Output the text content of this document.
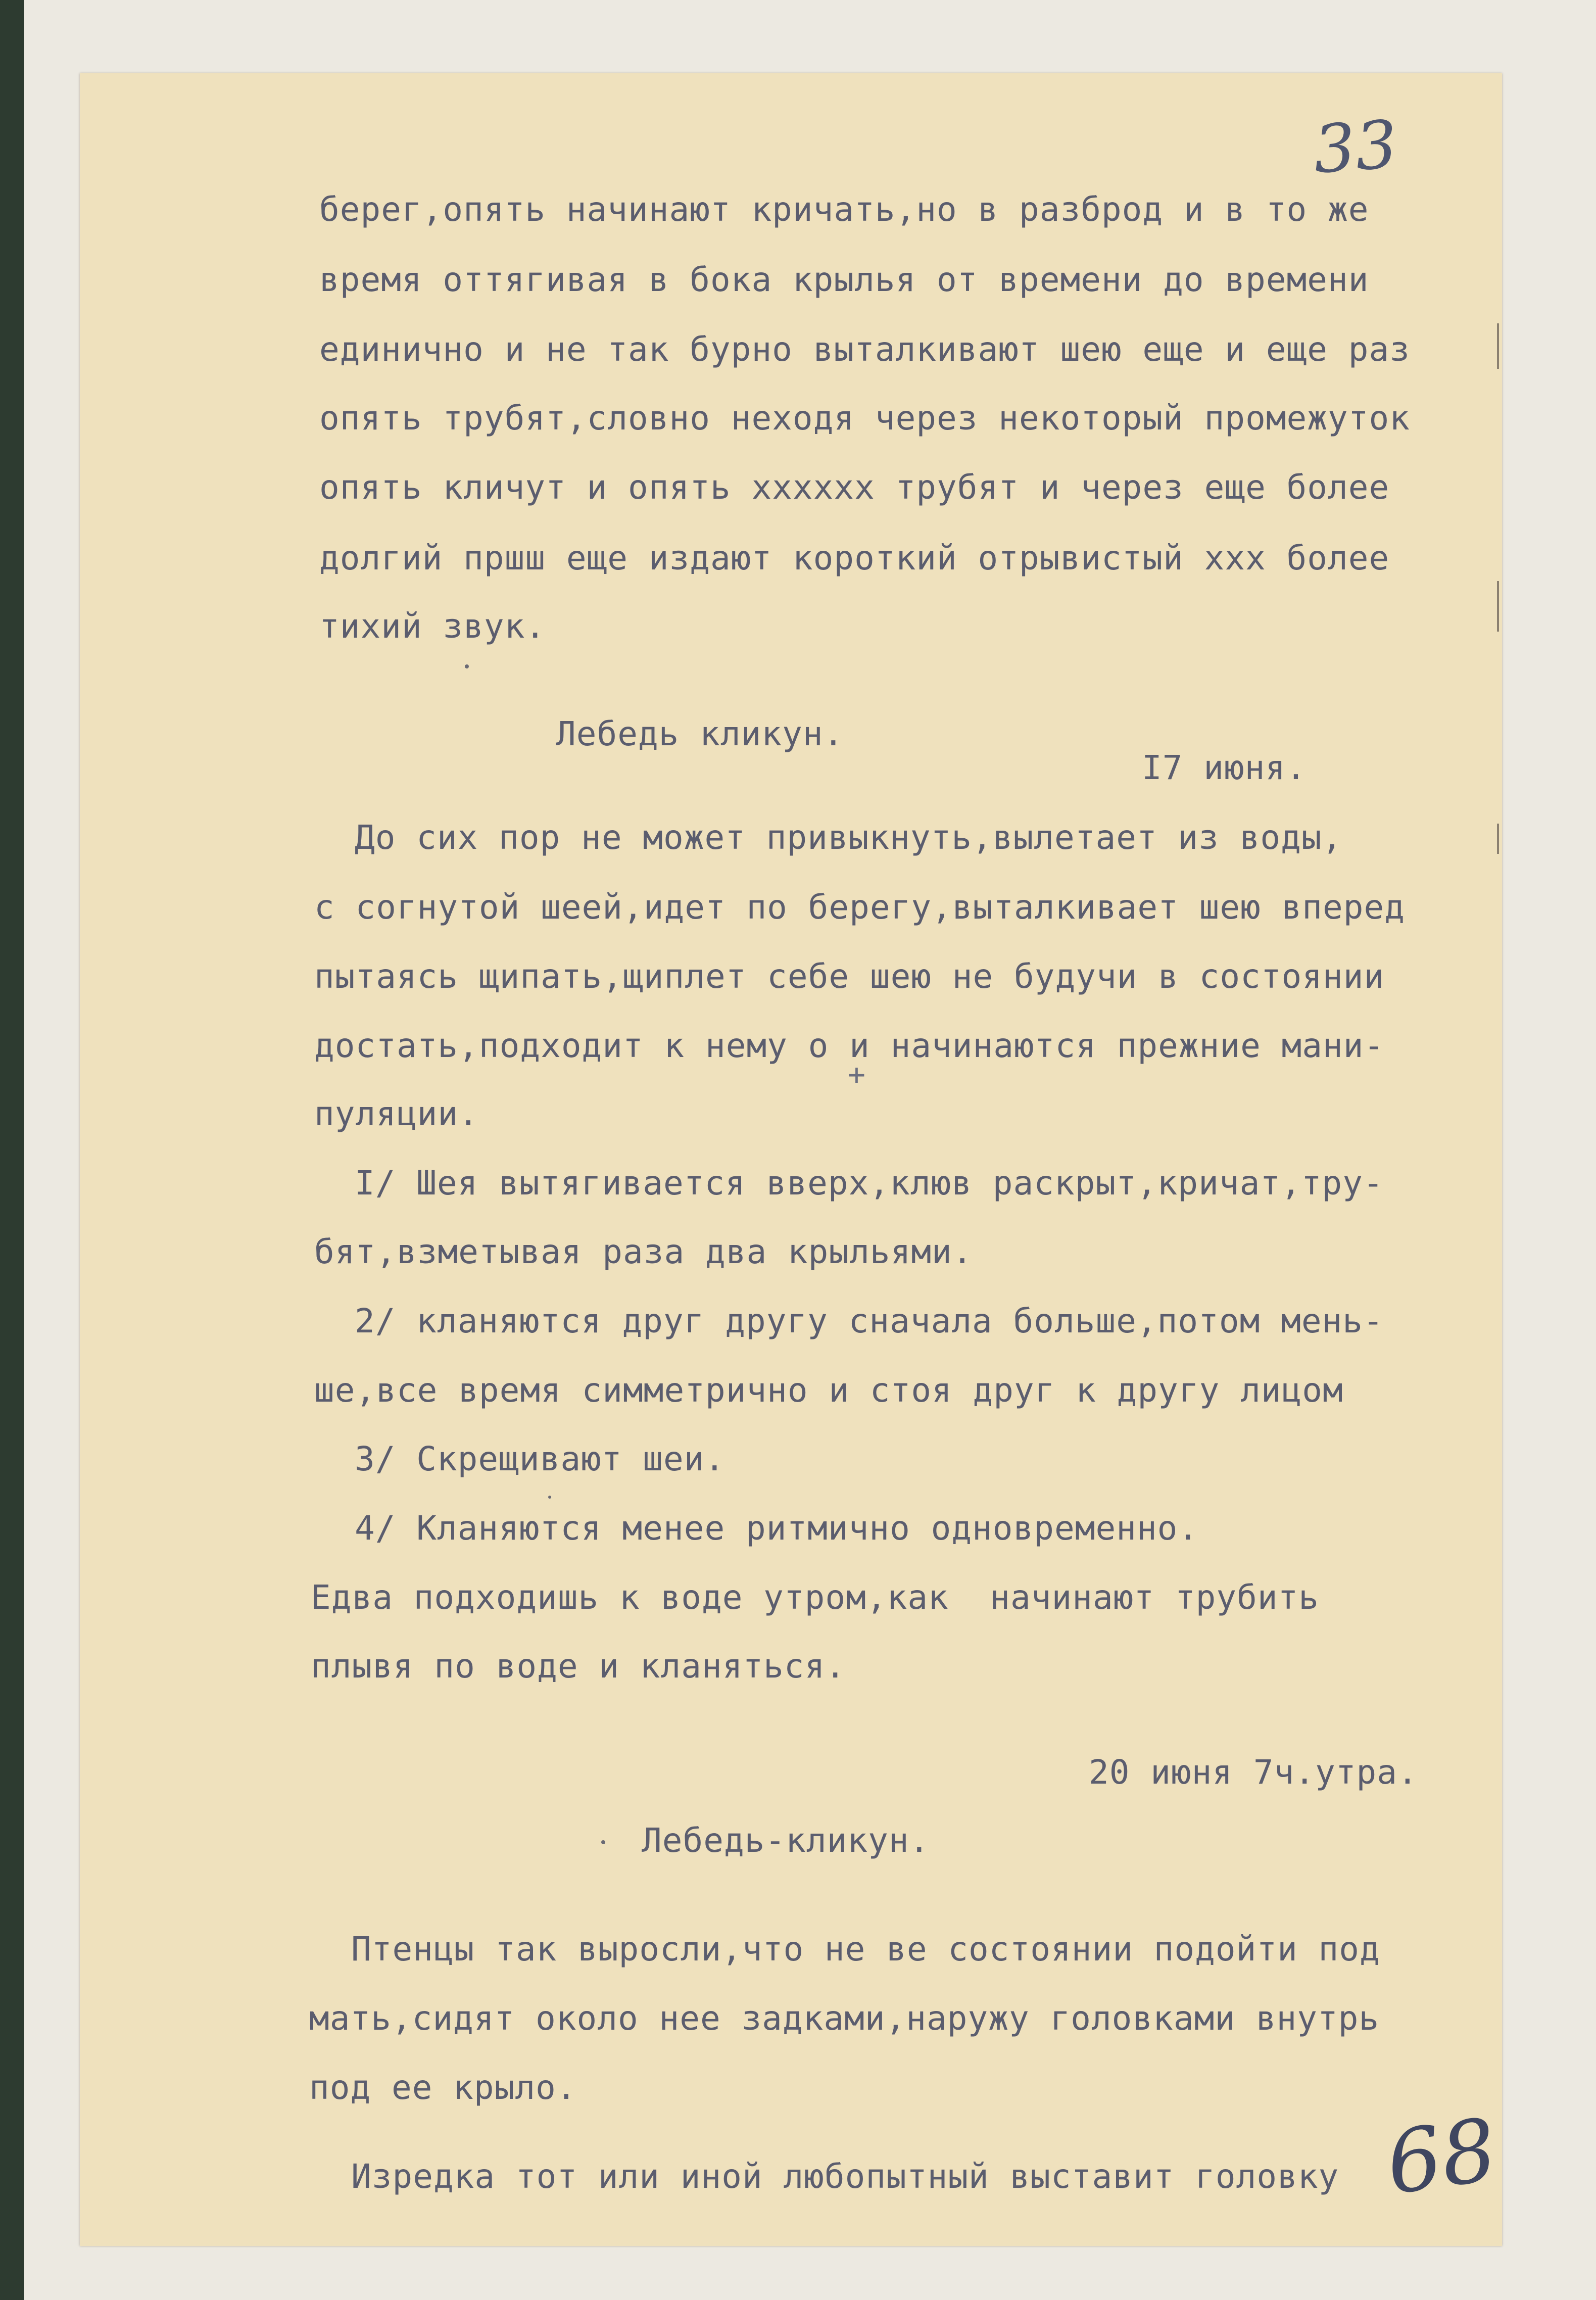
33

берег,опять начинают кричать,но в разброд и в то же

время оттягивая в бока крылья от времени до времени

единично и не так бурно выталкивают шею еще и еще раз

опять трубят,словно неходя через некоторый промежуток

опять кличут и опять хххххх трубят и через еще более

долгий пршш еще издают короткий отрывистый ххх более

тихий звук.

Лебедь кликун.

I7 июня.

До сих пор не может привыкнуть,вылетает из воды,

с согнутой шеей,идет по берегу,выталкивает шею вперед

пытаясь щипать,щиплет себе шею не будучи в состоянии

достать,подходит к нему о и начинаются прежние мани-

+

пуляции.

I/ Шея вытягивается вверх,клюв раскрыт,кричат,тру-

бят,взметывая раза два крыльями.

2/ кланяются друг другу сначала больше,потом мень-

ше,все время симметрично и стоя друг к другу лицом

3/ Скрещивают шеи.

4/ Кланяются менее ритмично одновременно.

Едва подходишь к воде утром,как  начинают трубить

плывя по воде и кланяться.

20 июня 7ч.утра.

Лебедь-кликун.

Птенцы так выросли,что не ве состоянии подойти под

мать,сидят около нее задками,наружу головками внутрь

под ее крыло.

Изредка тот или иной любопытный выставит головку 68
